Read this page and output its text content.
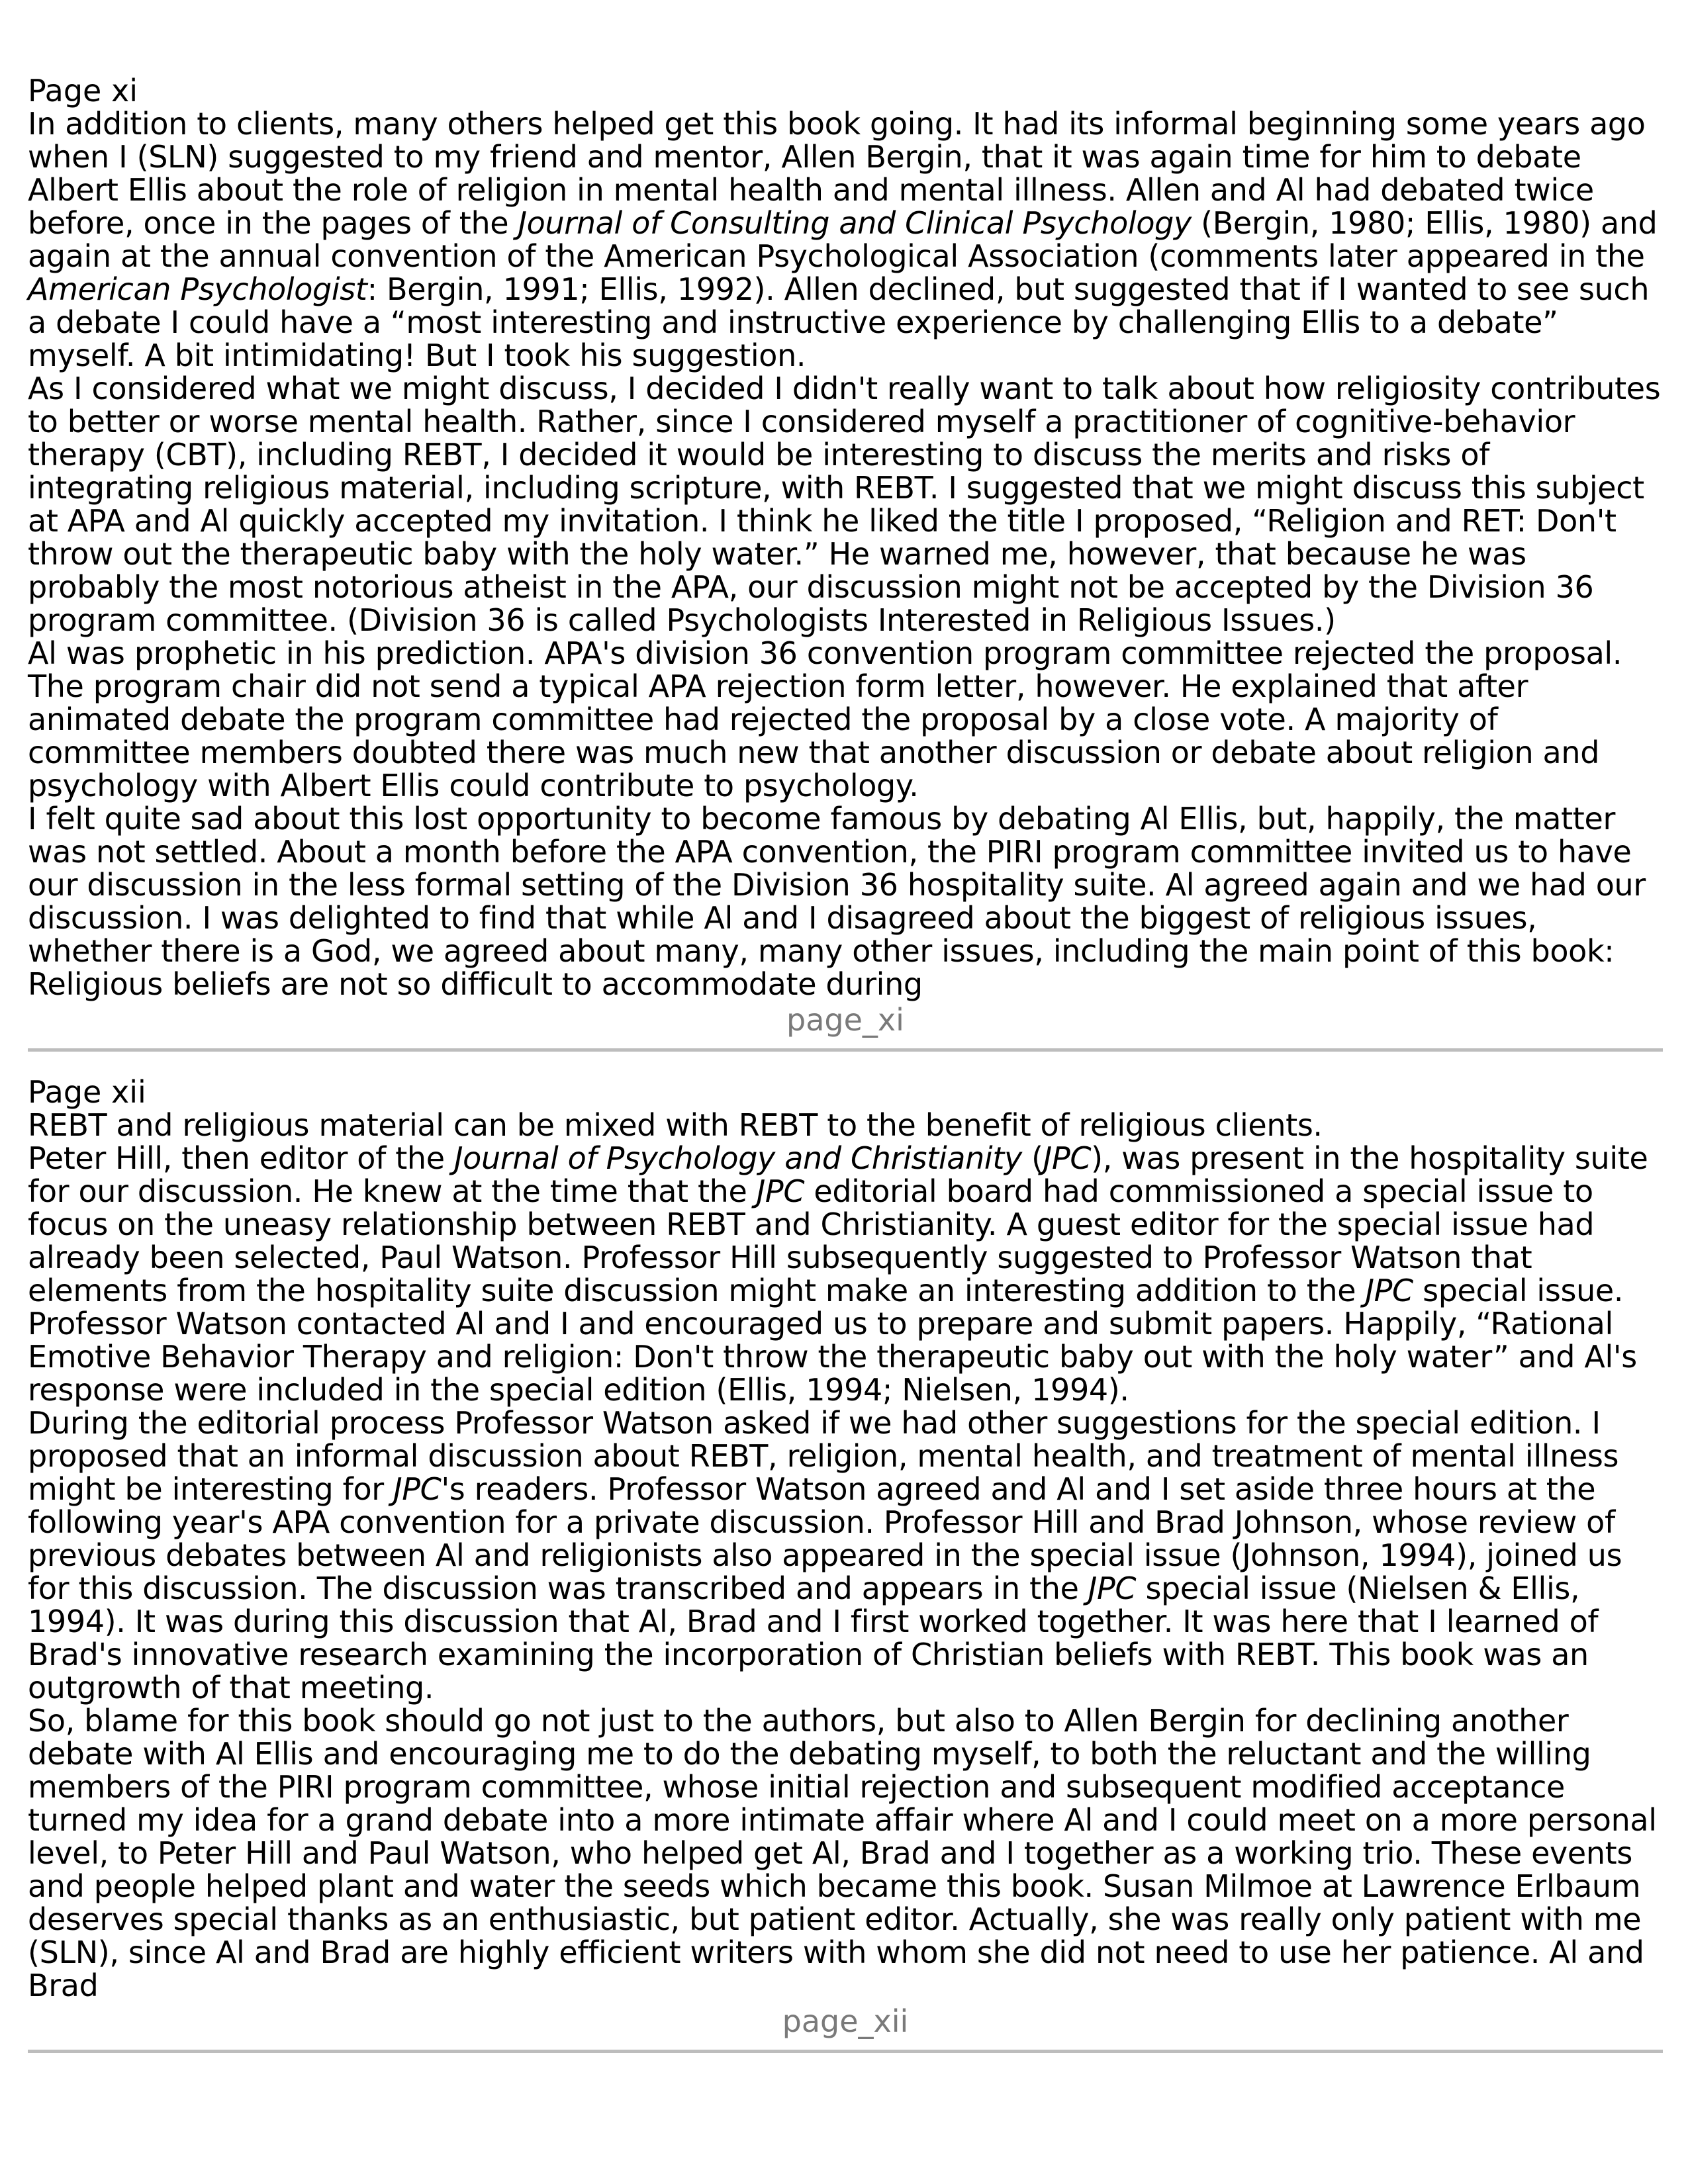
Page xi

In addition to clients, many others helped get this book going. It had its informal beginning some years ago when I (SLN) suggested to my friend and mentor, Allen Bergin, that it was again time for him to debate Albert Ellis about the role of religion in mental health and mental illness. Allen and Al had debated twice before, once in the pages of the Journal of Consulting and Clinical Psychology (Bergin, 1980; Ellis, 1980) and again at the annual convention of the American Psychological Association (comments later appeared in the American Psychologist: Bergin, 1991; Ellis, 1992). Allen declined, but suggested that if I wanted to see such a debate I could have a “most interesting and instructive experience by challenging Ellis to a debate” myself. A bit intimidating! But I took his suggestion.

As I considered what we might discuss, I decided I didn't really want to talk about how religiosity contributes to better or worse mental health. Rather, since I considered myself a practitioner of cognitive-behavior therapy (CBT), including REBT, I decided it would be interesting to discuss the merits and risks of integrating religious material, including scripture, with REBT. I suggested that we might discuss this subject at APA and Al quickly accepted my invitation. I think he liked the title I proposed, “Religion and RET: Don't throw out the therapeutic baby with the holy water.” He warned me, however, that because he was probably the most notorious atheist in the APA, our discussion might not be accepted by the Division 36 program committee. (Division 36 is called Psychologists Interested in Religious Issues.)

Al was prophetic in his prediction. APA's division 36 convention program committee rejected the proposal. The program chair did not send a typical APA rejection form letter, however. He explained that after animated debate the program committee had rejected the proposal by a close vote. A majority of committee members doubted there was much new that another discussion or debate about religion and psychology with Albert Ellis could contribute to psychology.

I felt quite sad about this lost opportunity to become famous by debating Al Ellis, but, happily, the matter was not settled. About a month before the APA convention, the PIRI program committee invited us to have our discussion in the less formal setting of the Division 36 hospitality suite. Al agreed again and we had our discussion. I was delighted to find that while Al and I disagreed about the biggest of religious issues, whether there is a God, we agreed about many, many other issues, including the main point of this book: Religious beliefs are not so difficult to accommodate during

page_xi

Page xii

REBT and religious material can be mixed with REBT to the benefit of religious clients.

Peter Hill, then editor of the Journal of Psychology and Christianity (JPC), was present in the hospitality suite for our discussion. He knew at the time that the JPC editorial board had commissioned a special issue to focus on the uneasy relationship between REBT and Christianity. A guest editor for the special issue had already been selected, Paul Watson. Professor Hill subsequently suggested to Professor Watson that elements from the hospitality suite discussion might make an interesting addition to the JPC special issue. Professor Watson contacted Al and I and encouraged us to prepare and submit papers. Happily, “Rational Emotive Behavior Therapy and religion: Don't throw the therapeutic baby out with the holy water” and Al's response were included in the special edition (Ellis, 1994; Nielsen, 1994).

During the editorial process Professor Watson asked if we had other suggestions for the special edition. I proposed that an informal discussion about REBT, religion, mental health, and treatment of mental illness might be interesting for JPC's readers. Professor Watson agreed and Al and I set aside three hours at the following year's APA convention for a private discussion. Professor Hill and Brad Johnson, whose review of previous debates between Al and religionists also appeared in the special issue (Johnson, 1994), joined us for this discussion. The discussion was transcribed and appears in the JPC special issue (Nielsen & Ellis, 1994). It was during this discussion that Al, Brad and I first worked together. It was here that I learned of Brad's innovative research examining the incorporation of Christian beliefs with REBT. This book was an outgrowth of that meeting.

So, blame for this book should go not just to the authors, but also to Allen Bergin for declining another debate with Al Ellis and encouraging me to do the debating myself, to both the reluctant and the willing members of the PIRI program committee, whose initial rejection and subsequent modified acceptance turned my idea for a grand debate into a more intimate affair where Al and I could meet on a more personal level, to Peter Hill and Paul Watson, who helped get Al, Brad and I together as a working trio. These events and people helped plant and water the seeds which became this book. Susan Milmoe at Lawrence Erlbaum deserves special thanks as an enthusiastic, but patient editor. Actually, she was really only patient with me (SLN), since Al and Brad are highly efficient writers with whom she did not need to use her patience. Al and Brad

page_xii
